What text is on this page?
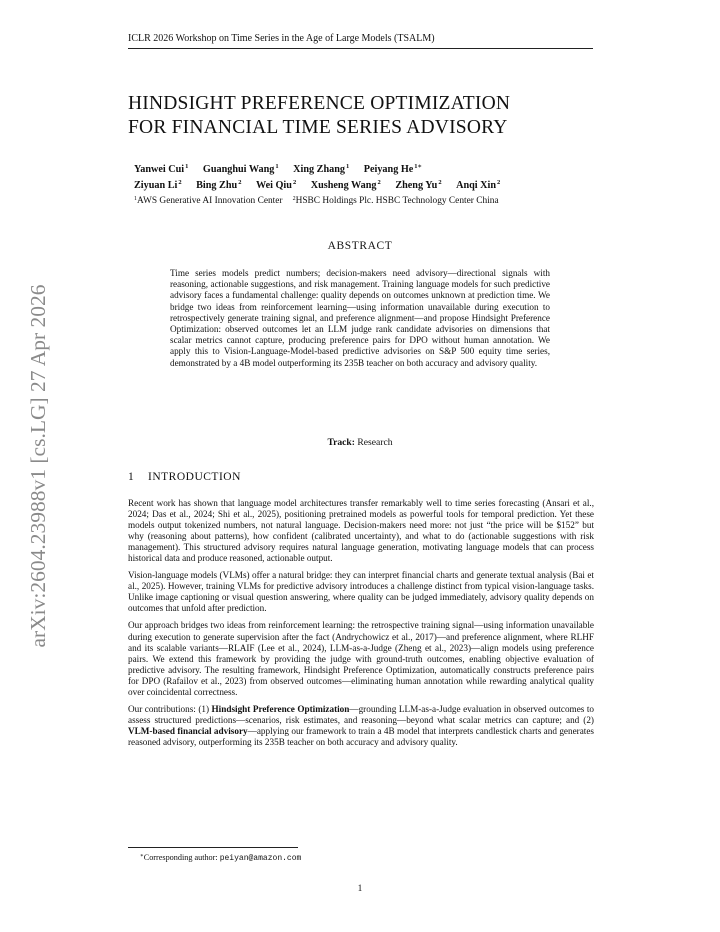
ICLR 2026 Workshop on Time Series in the Age of Large Models (TSALM)
HINDSIGHT PREFERENCE OPTIMIZATION
FOR FINANCIAL TIME SERIES ADVISORY
Yanwei Cui$^1$ Guanghui Wang$^1$ Xing Zhang$^1$ Peiyang $He^{1∗}$
Ziyuan Li$^2$ Bing Zhu$^2$ Wei Qiu$^2$ Xusheng Wang$^2$ Zheng Yu$^2$ Anqi Xin$^2$
$^1$AWS Generative AI Innovation Center $^2$HSBC Holdings Plc. HSBC Technology Center China
ABSTRACT
Time series models predict numbers; decision-makers need advisory—directional signals with reasoning, actionable suggestions, and risk management. Training language models for such predictive advisory faces a fundamental challenge: quality depends on outcomes unknown at prediction time. We bridge two ideas from reinforcement learning—using information unavailable during execution to retrospectively generate training signal, and preference alignment—and propose Hindsight Preference Optimization: observed outcomes let an LLM judge rank candidate advisories on dimensions that scalar metrics cannot capture, producing preference pairs for DPO without human annotation. We apply this to Vision-Language-Model-based predictive advisories on S&P 500 equity time series, demonstrated by a 4B model outperforming its 235B teacher on both accuracy and advisory quality.
Track: Research
1 INTRODUCTION

Recent work has shown that language model architectures transfer remarkably well to time series forecasting (Ansari et al., 2024; Das et al., 2024; Shi et al., 2025), positioning pretrained models as powerful tools for temporal prediction. Yet these models output tokenized numbers, not natural language. Decision-makers need more: not just “the price will be $152” but why (reasoning about patterns), how confident (calibrated uncertainty), and what to do (actionable suggestions with risk management). This structured advisory requires natural language generation, motivating language models that can process historical data and produce reasoned, actionable output.

Vision-language models (VLMs) offer a natural bridge: they can interpret financial charts and generate textual analysis (Bai et al., 2025). However, training VLMs for predictive advisory introduces a challenge distinct from typical vision-language tasks. Unlike image captioning or visual question answering, where quality can be judged immediately, advisory quality depends on outcomes that unfold after prediction.

Our approach bridges two ideas from reinforcement learning: the retrospective training signal—using information unavailable during execution to generate supervision after the fact (Andrychowicz et al., 2017)—and preference alignment, where RLHF and its scalable variants—RLAIF (Lee et al., 2024), LLM-as-a-Judge (Zheng et al., 2023)—align models using preference pairs. We extend this framework by providing the judge with ground-truth outcomes, enabling objective evaluation of predictive advisory. The resulting framework, Hindsight Preference Optimization, automatically constructs preference pairs for DPO (Rafailov et al., 2023) from observed outcomes—eliminating human annotation while rewarding analytical quality over coincidental correctness.

Our contributions: (1) Hindsight Preference Optimization—grounding LLM-as-a-Judge evaluation in observed outcomes to assess structured predictions—scenarios, risk estimates, and reasoning—beyond what scalar metrics can capture; and (2) VLM-based financial advisory—applying our framework to train a 4B model that interprets candlestick charts and generates reasoned advisory, outperforming its 235B teacher on both accuracy and advisory quality.

∗Corresponding author: peiyan@amazon.com
1
arXiv:2604.23988v1 [cs.LG] 27 Apr 2026
